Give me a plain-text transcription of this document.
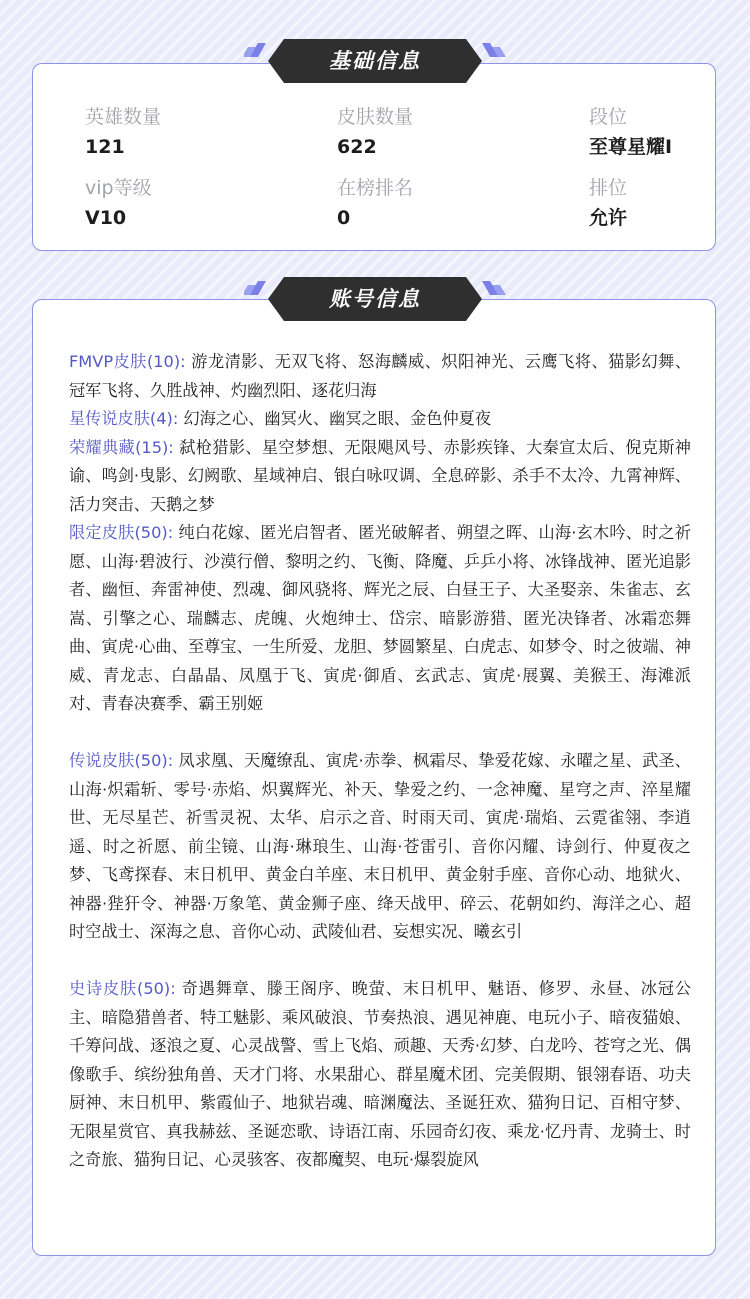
英雄数量
121
皮肤数量
622
段位
至尊星耀I
vip等级
V10
在榜排名
0
排位
允许
基础信息

FMVP皮肤(10): 游龙清影、无双飞将、怒海麟威、炽阳神光、云鹰飞将、猫影幻舞、冠军飞将、久胜战神、灼幽烈阳、逐花归海

星传说皮肤(4): 幻海之心、幽冥火、幽冥之眼、金色仲夏夜

荣耀典藏(15): 弑枪猎影、星空梦想、无限飓风号、赤影疾锋、大秦宣太后、倪克斯神谕、鸣剑·曳影、幻阙歌、星域神启、银白咏叹调、全息碎影、杀手不太冷、九霄神辉、活力突击、天鹅之梦

限定皮肤(50): 纯白花嫁、匿光启智者、匿光破解者、朔望之晖、山海·玄木吟、时之祈愿、山海·碧波行、沙漠行僧、黎明之约、飞衡、降魔、乒乒小将、冰锋战神、匿光追影者、幽恒、奔雷神使、烈魂、御风骁将、辉光之辰、白昼王子、大圣娶亲、朱雀志、玄嵩、引擎之心、瑞麟志、虎魄、火炮绅士、岱宗、暗影游猎、匿光决锋者、冰霜恋舞曲、寅虎·心曲、至尊宝、一生所爱、龙胆、梦圆繁星、白虎志、如梦令、时之彼端、神威、青龙志、白晶晶、凤凰于飞、寅虎·御盾、玄武志、寅虎·展翼、美猴王、海滩派对、青春决赛季、霸王别姬

传说皮肤(50): 凤求凰、天魔缭乱、寅虎·赤拳、枫霜尽、挚爱花嫁、永曜之星、武圣、山海·炽霜斩、零号·赤焰、炽翼辉光、补天、挚爱之约、一念神魔、星穹之声、淬星耀世、无尽星芒、祈雪灵祝、太华、启示之音、时雨天司、寅虎·瑞焰、云霓雀翎、李逍遥、时之祈愿、前尘镜、山海·琳琅生、山海·苍雷引、音你闪耀、诗剑行、仲夏夜之梦、飞鸢探春、末日机甲、黄金白羊座、末日机甲、黄金射手座、音你心动、地狱火、神器·狴犴令、神器·万象笔、黄金狮子座、绛天战甲、碎云、花朝如约、海洋之心、超时空战士、深海之息、音你心动、武陵仙君、妄想实况、曦玄引

史诗皮肤(50): 奇遇舞章、滕王阁序、晚萤、末日机甲、魅语、修罗、永昼、冰冠公主、暗隐猎兽者、特工魅影、乘风破浪、节奏热浪、遇见神鹿、电玩小子、暗夜猫娘、千筹问战、逐浪之夏、心灵战警、雪上飞焰、顽趣、天秀·幻梦、白龙吟、苍穹之光、偶像歌手、缤纷独角兽、天才门将、水果甜心、群星魔术团、完美假期、银翎春语、功夫厨神、末日机甲、紫霞仙子、地狱岩魂、暗渊魔法、圣诞狂欢、猫狗日记、百相守梦、无限星赏官、真我赫兹、圣诞恋歌、诗语江南、乐园奇幻夜、乘龙·忆丹青、龙骑士、时之奇旅、猫狗日记、心灵骇客、夜都魔契、电玩·爆裂旋风

账号信息
